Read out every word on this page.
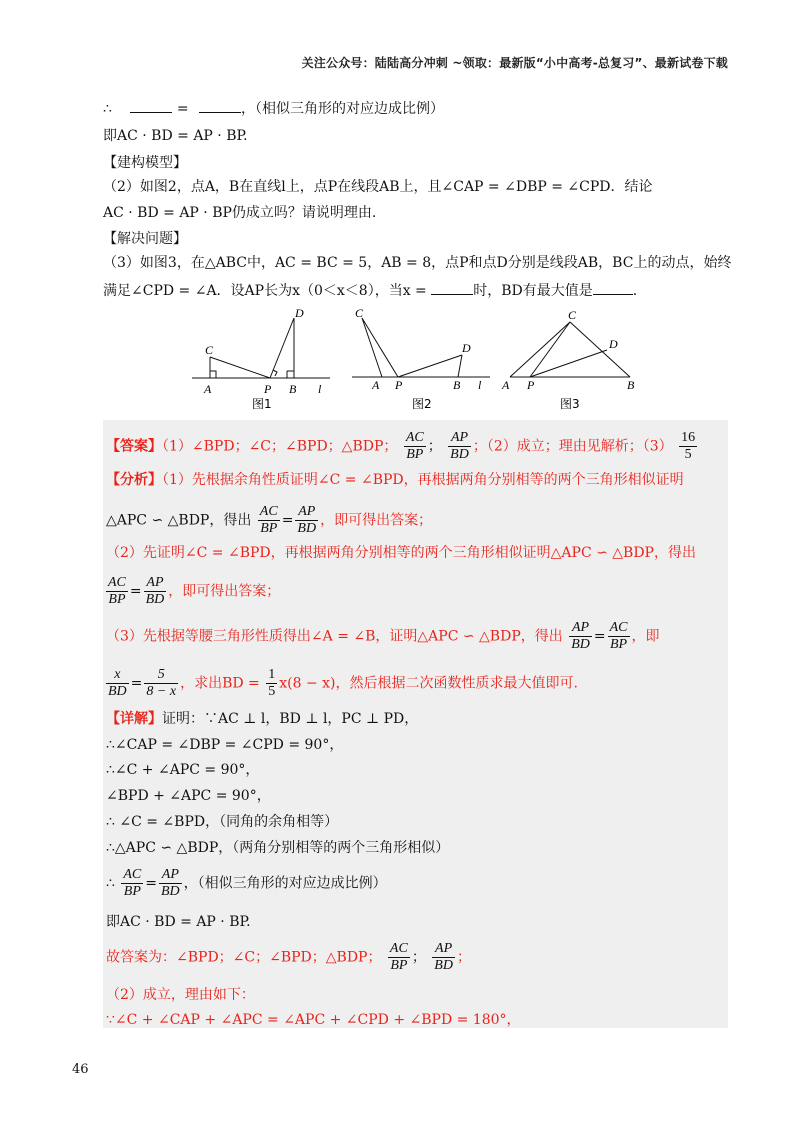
关注公众号：陆陆高分冲刺 ~领取：最新版“小中高考-总复习”、最新试卷下载
∴	=	，（相似三角形的对应边成比例）
即AC · BD = AP · BP.
【建构模型】
（2）如图2，点A，B在直线l上，点P在线段AB上，且∠CAP = ∠DBP = ∠CPD．结论
AC · BD = AP · BP仍成立吗？请说明理由.
【解决问题】
（3）如图3，在△ABC中，AC = BC = 5，AB = 8，点P和点D分别是线段AB，BC上的动点，始终
满足∠CPD = ∠A．设AP长为x（0＜x＜8），当x =	时，BD有最大值是	.
C
D
A	P B l
图1
C
D
A P	B l
图2
C
D
A P	B
图3
【答案】（1）∠BPD；∠C；∠BPD；△BDP； $\frac{AC}{BP}$ ； $\frac{AP}{BD}$ ；（2）成立；理由见解析；$(3) \frac{16}{5}$
【分析】（1）先根据余角性质证明∠C = ∠BPD，再根据两角分别相等的两个三角形相似证明
△APC ∽ △BDP，得出 $\frac{AC}{BP} = \frac{AP}{BD}$ ，即可得出答案；
（2）先证明∠C = ∠BPD，再根据两角分别相等的两个三角形相似证明△APC ∽ △BDP，得出
$\frac{AC}{BP} = \frac{AP}{BD}$ ，即可得出答案；
（3）先根据等腰三角形性质得出∠A = ∠B，证明△APC ∽ △BDP，得出 $\frac{AP}{BD} = \frac{AC}{BP}$ ，即
$\frac{x}{BD} = \frac{5}{8 - x}$ ，求出BD = $\frac{1}{5} x(8 - x)$，然后根据二次函数性质求最大值即可.
【详解】证明：∵AC ⊥ l，BD ⊥ l，PC ⊥ PD，
∴∠CAP = ∠DBP = ∠CPD = 90°，
∴∠C + ∠APC = 90°，
∠BPD + ∠APC = 90°，
∴ ∠C = ∠BPD，（同角的余角相等）
∴△APC ∽ △BDP，（两角分别相等的两个三角形相似）
∴ $\frac{AC}{BP} = \frac{AP}{BD}$ ，（相似三角形的对应边成比例）
即AC · BD = AP · BP.
故答案为：∠BPD；∠C；∠BPD；△BDP； $\frac{AC}{BP}$ ； $\frac{AP}{BD}$ ；
（2）成立，理由如下：
∵∠C + ∠CAP + ∠APC = ∠APC + ∠CPD + ∠BPD = 180°，
46
